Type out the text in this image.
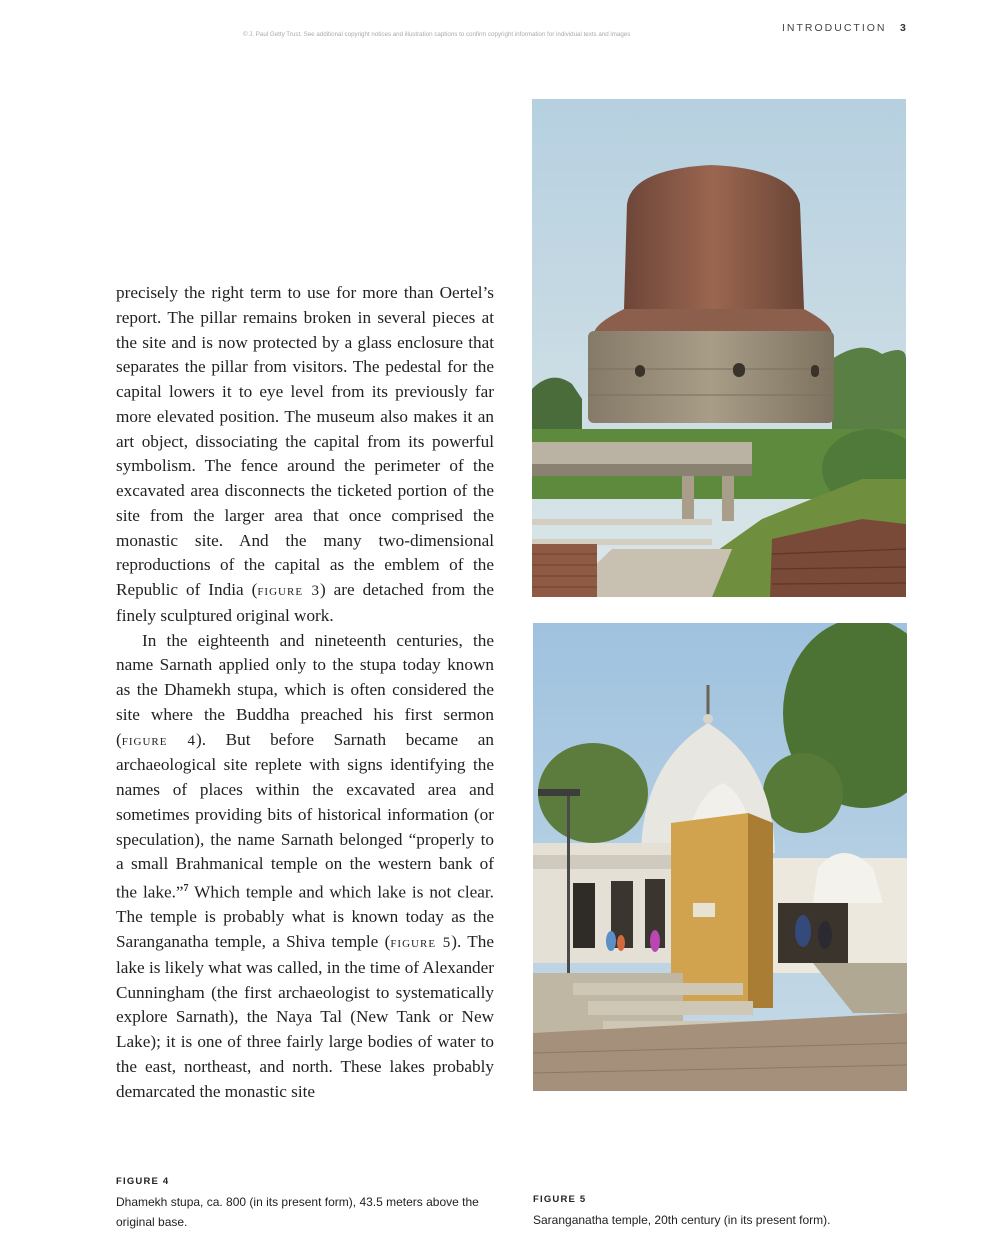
© J. Paul Getty Trust. See additional copyright notices and illustration captions to confirm copyright information for individual texts and images
INTRODUCTION 3

precisely the right term to use for more than Oertel’s report. The pillar remains broken in several pieces at the site and is now protected by a glass enclosure that separates the pillar from visitors. The pedestal for the capital lowers it to eye level from its previously far more elevated position. The museum also makes it an art object, dissociating the capital from its powerful symbolism. The fence around the perimeter of the excavated area disconnects the ticketed portion of the site from the larger area that once comprised the monastic site. And the many two-dimensional reproductions of the capital as the emblem of the Republic of India (figure 3) are detached from the finely sculptured original work.

In the eighteenth and nineteenth centuries, the name Sarnath applied only to the stupa today known as the Dhamekh stupa, which is often considered the site where the Buddha preached his first sermon (figure 4). But before Sarnath became an archaeological site replete with signs identifying the names of places within the excavated area and sometimes providing bits of historical information (or speculation), the name Sarnath belonged “properly to a small Brahmanical temple on the western bank of the lake.”$^7$ Which temple and which lake is not clear. The temple is probably what is known today as the Saranganatha temple, a Shiva temple (figure 5). The lake is likely what was called, in the time of Alexander Cunningham (the first archaeologist to systematically explore Sarnath), the Naya Tal (New Tank or New Lake); it is one of three fairly large bodies of water to the east, northeast, and north. These lakes probably demarcated the monastic site

FIGURE 4
Dhamekh stupa, ca. 800 (in its present form), 43.5 meters above the original base.
FIGURE 5
Saranganatha temple, 20th century (in its present form).
